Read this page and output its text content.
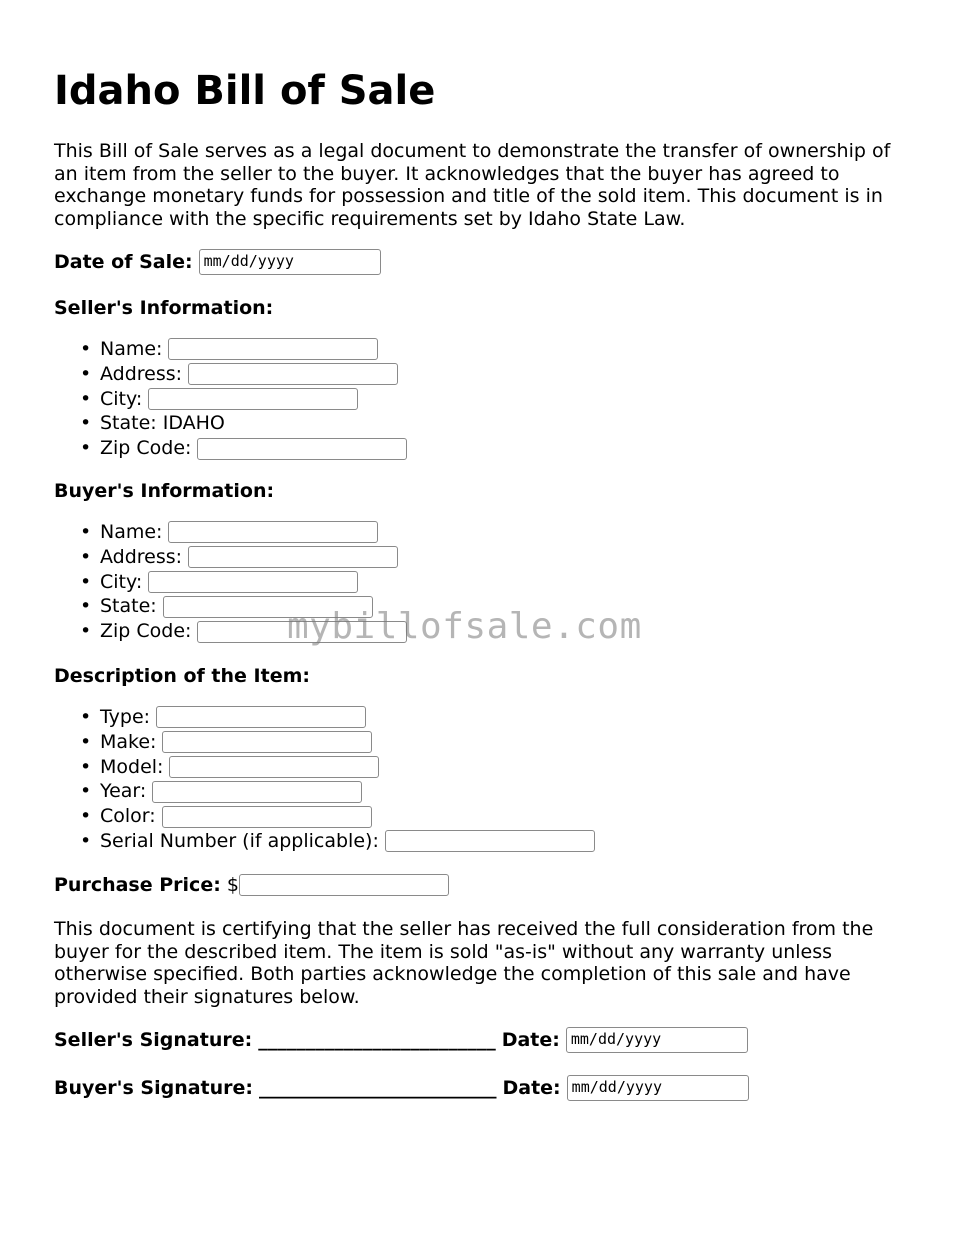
Idaho Bill of Sale

This Bill of Sale serves as a legal document to demonstrate the transfer of ownership of an item from the seller to the buyer. It acknowledges that the buyer has agreed to exchange monetary funds for possession and title of the sold item. This document is in compliance with the specific requirements set by Idaho State Law.

Date of Sale: mm/dd/yyyy

Seller's Information:

• Name:
• Address:
• City:
• State: IDAHO
• Zip Code:

Buyer's Information:

• Name:
• Address:
• City:
• State:
• Zip Code:

Description of the Item:

• Type:
• Make:
• Model:
• Year:
• Color:
• Serial Number (if applicable):
Purchase Price: $

This document is certifying that the seller has received the full consideration from the buyer for the described item. The item is sold "as-is" without any warranty unless otherwise specified. Both parties acknowledge the completion of this sale and have provided their signatures below.

Seller's Signature: _________________________ Date: mm/dd/yyyy
Buyer's Signature: _________________________ Date: mm/dd/yyyy
mybillofsale.com
